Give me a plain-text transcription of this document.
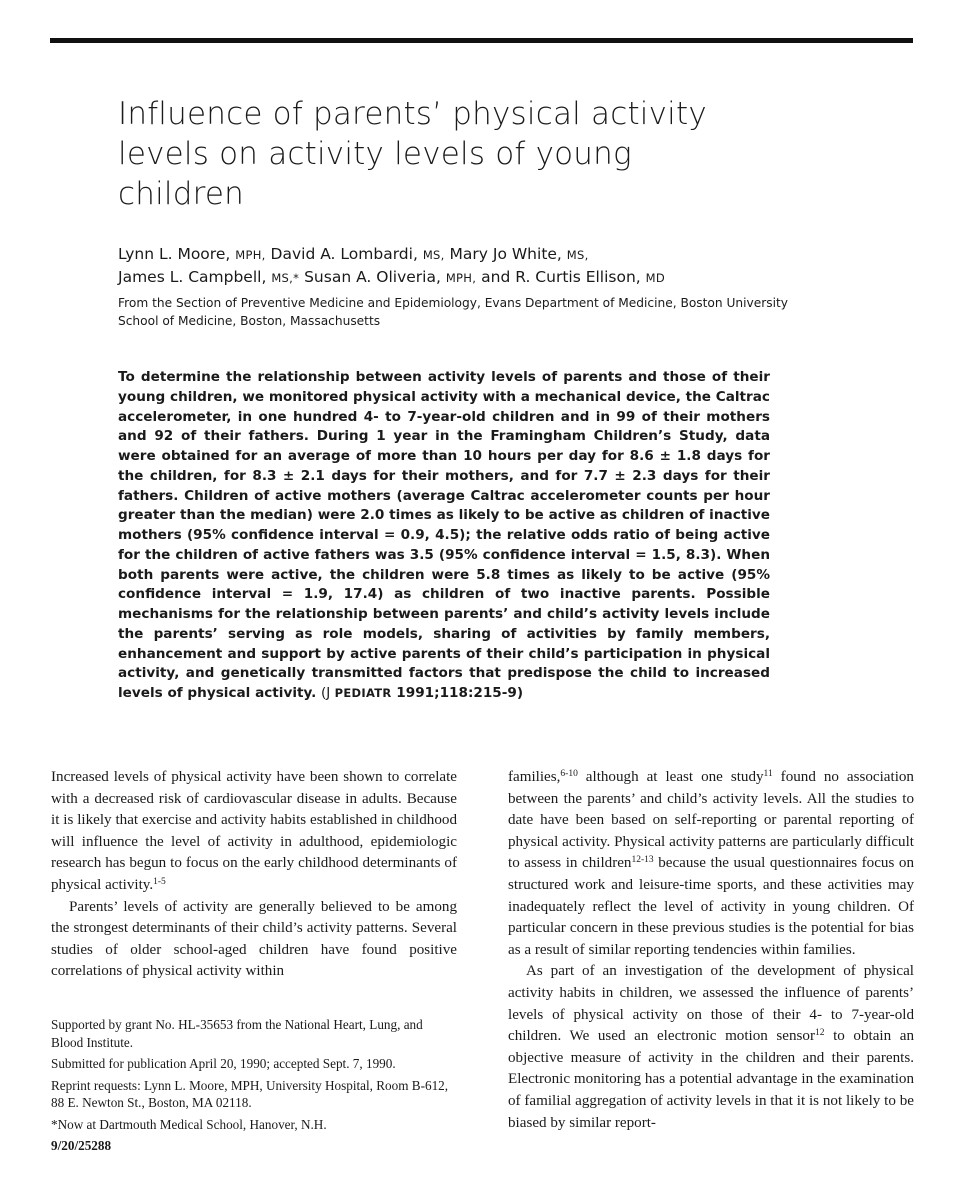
Influence of parents’ physical activity levels on activity levels of young children

Lynn L. Moore, MPH, David A. Lombardi, MS, Mary Jo White, MS,
James L. Campbell, MS,* Susan A. Oliveria, MPH, and R. Curtis Ellison, MD

From the Section of Preventive Medicine and Epidemiology, Evans Department of Medicine, Boston University School of Medicine, Boston, Massachusetts

To determine the relationship between activity levels of parents and those of their young children, we monitored physical activity with a mechanical device, the Caltrac accelerometer, in one hundred 4- to 7-year-old children and in 99 of their mothers and 92 of their fathers. During 1 year in the Framingham Children’s Study, data were obtained for an average of more than 10 hours per day for 8.6 ± 1.8 days for the children, for 8.3 ± 2.1 days for their mothers, and for 7.7 ± 2.3 days for their fathers. Children of active mothers (average Caltrac accelerometer counts per hour greater than the median) were 2.0 times as likely to be active as children of inactive mothers (95% confidence interval = 0.9, 4.5); the relative odds ratio of being active for the children of active fathers was 3.5 (95% confidence interval = 1.5, 8.3). When both parents were active, the children were 5.8 times as likely to be active (95% confidence interval = 1.9, 17.4) as children of two inactive parents. Possible mechanisms for the relationship between parents’ and child’s activity levels include the parents’ serving as role models, sharing of activities by family members, enhancement and support by active parents of their child’s participation in physical activity, and genetically transmitted factors that predispose the child to increased levels of physical activity. (J PEDIATR 1991;118:215-9)

Increased levels of physical activity have been shown to correlate with a decreased risk of cardiovascular disease in adults. Because it is likely that exercise and activity habits established in childhood will influence the level of activity in adulthood, epidemiologic research has begun to focus on the early childhood determinants of physical activity.$^{1-5}$

Parents’ levels of activity are generally believed to be among the strongest determinants of their child’s activity patterns. Several studies of older school-aged children have found positive correlations of physical activity within

families,$^{6-10}$ although at least one study$^{11}$ found no association between the parents’ and child’s activity levels. All the studies to date have been based on self-reporting or parental reporting of physical activity. Physical activity patterns are particularly difficult to assess in children$^{12-13}$ because the usual questionnaires focus on structured work and leisure-time sports, and these activities may inadequately reflect the level of activity in young children. Of particular concern in these previous studies is the potential for bias as a result of similar reporting tendencies within families.

As part of an investigation of the development of physical activity habits in children, we assessed the influence of parents’ levels of physical activity on those of their 4- to 7-year-old children. We used an electronic motion sensor$^{12}$ to obtain an objective measure of activity in the children and their parents. Electronic monitoring has a potential advantage in the examination of familial aggregation of activity levels in that it is not likely to be biased by similar report-

Supported by grant No. HL-35653 from the National Heart, Lung, and Blood Institute.

Submitted for publication April 20, 1990; accepted Sept. 7, 1990.

Reprint requests: Lynn L. Moore, MPH, University Hospital, Room B-612, 88 E. Newton St., Boston, MA 02118.

*Now at Dartmouth Medical School, Hanover, N.H.

9/20/25288
